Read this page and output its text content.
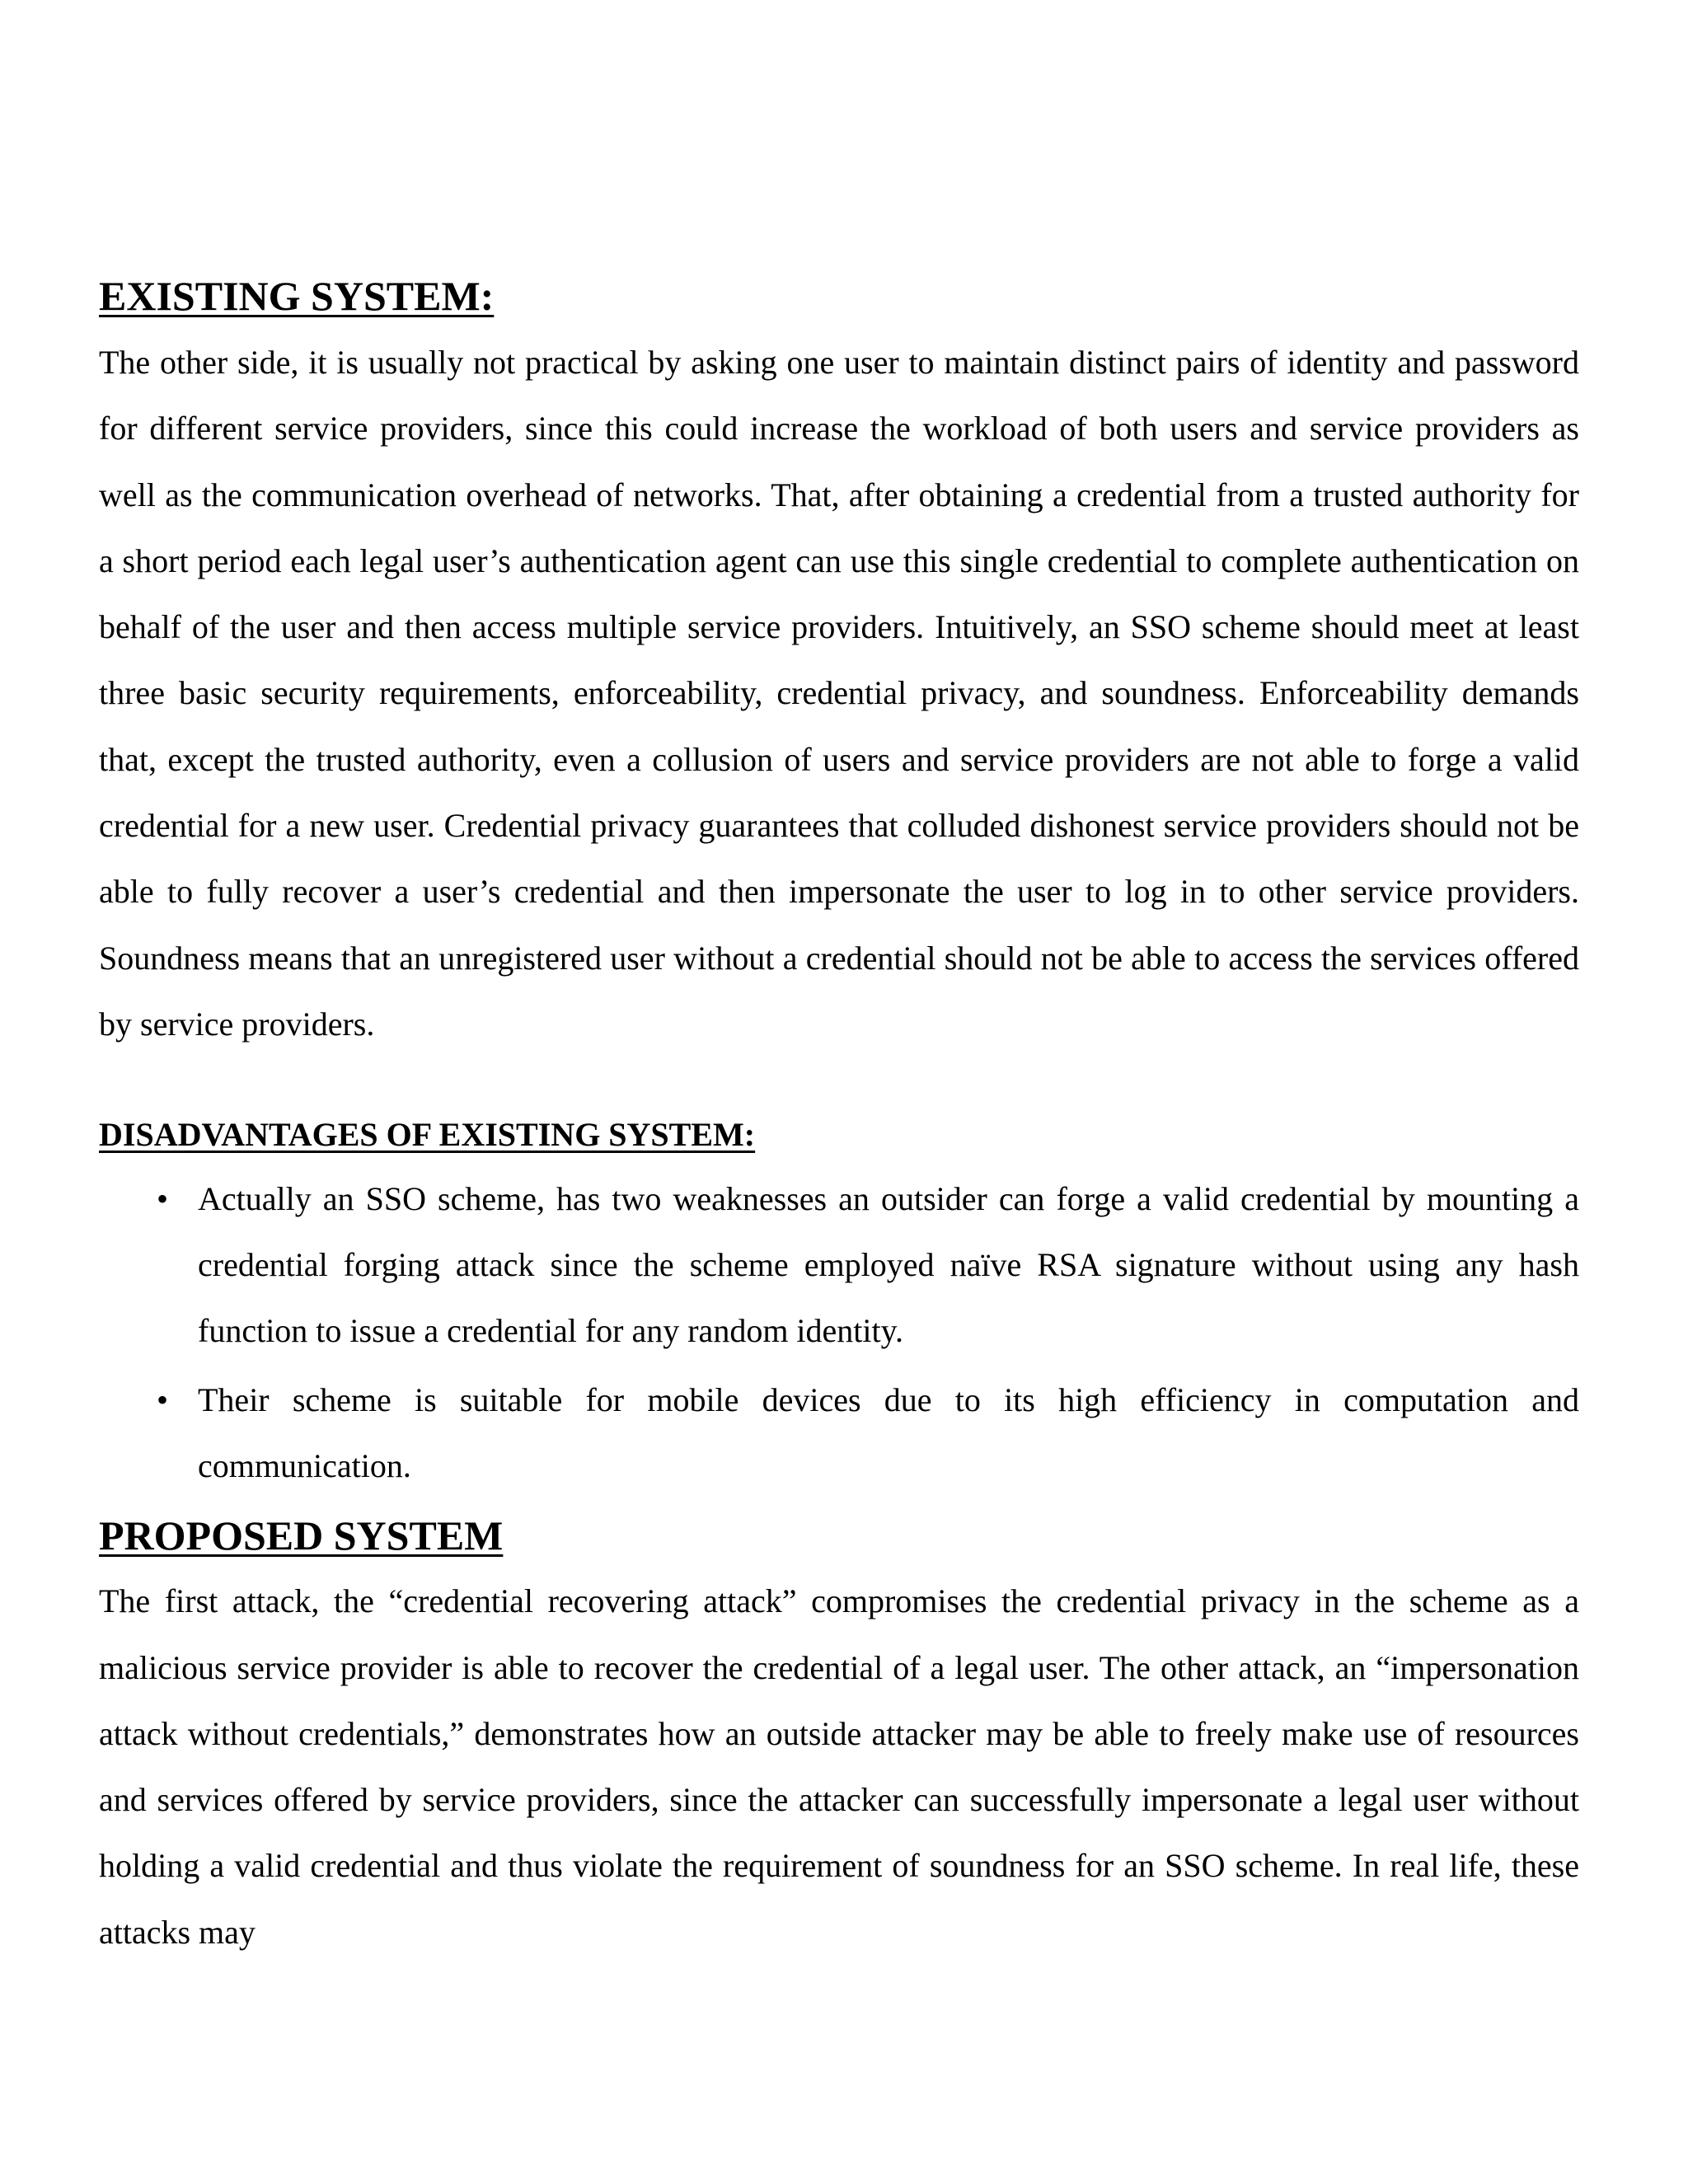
EXISTING SYSTEM:

The other side, it is usually not practical by asking one user to maintain distinct pairs of identity and password for different service providers, since this could increase the workload of both users and service providers as well as the communication overhead of networks. That, after obtaining a credential from a trusted authority for a short period each legal user’s authentication agent can use this single credential to complete authentication on behalf of the user and then access multiple service providers. Intuitively, an SSO scheme should meet at least three basic security requirements, enforceability, credential privacy, and soundness. Enforceability demands that, except the trusted authority, even a collusion of users and service providers are not able to forge a valid credential for a new user. Credential privacy guarantees that colluded dishonest service providers should not be able to fully recover a user’s credential and then impersonate the user to log in to other service providers. Soundness means that an unregistered user without a credential should not be able to access the services offered by service providers.

DISADVANTAGES OF EXISTING SYSTEM:
• Actually an SSO scheme, has two weaknesses an outsider can forge a valid credential by mounting a credential forging attack since the scheme employed naïve RSA signature without using any hash function to issue a credential for any random identity.
• Their scheme is suitable for mobile devices due to its high efficiency in computation and communication.
PROPOSED SYSTEM

The first attack, the “credential recovering attack” compromises the credential privacy in the scheme as a malicious service provider is able to recover the credential of a legal user. The other attack, an “impersonation attack without credentials,” demonstrates how an outside attacker may be able to freely make use of resources and services offered by service providers, since the attacker can successfully impersonate a legal user without holding a valid credential and thus violate the requirement of soundness for an SSO scheme. In real life, these attacks may
